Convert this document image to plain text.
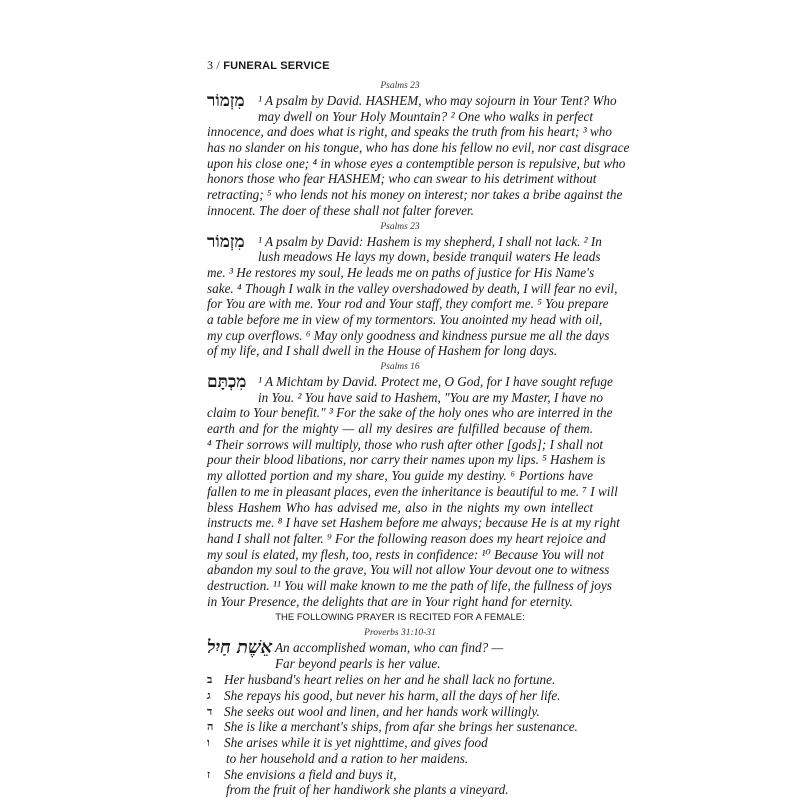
3 / FUNERAL SERVICE
Psalms 23
מִזְמוֹר ¹ A psalm by David. HASHEM, who may sojourn in Your Tent? Who
may dwell on Your Holy Mountain? ² One who walks in perfect
innocence, and does what is right, and speaks the truth from his heart; ³ who
has no slander on his tongue, who has done his fellow no evil, nor cast disgrace
upon his close one; ⁴ in whose eyes a contemptible person is repulsive, but who
honors those who fear HASHEM; who can swear to his detriment without
retracting; ⁵ who lends not his money on interest; nor takes a bribe against the
innocent. The doer of these shall not falter forever.
Psalms 23
מִזְמוֹר ¹ A psalm by David: Hashem is my shepherd, I shall not lack. ² In
lush meadows He lays my down, beside tranquil waters He leads
me. ³ He restores my soul, He leads me on paths of justice for His Name's
sake. ⁴ Though I walk in the valley overshadowed by death, I will fear no evil,
for You are with me. Your rod and Your staff, they comfort me. ⁵ You prepare
a table before me in view of my tormentors. You anointed my head with oil,
my cup overflows. ⁶ May only goodness and kindness pursue me all the days
of my life, and I shall dwell in the House of Hashem for long days.
Psalms 16
מִכְתָּם ¹ A Michtam by David. Protect me, O God, for I have sought refuge
in You. ² You have said to Hashem, "You are my Master, I have no
claim to Your benefit." ³ For the sake of the holy ones who are interred in the
earth and for the mighty — all my desires are fulfilled because of them.
⁴ Their sorrows will multiply, those who rush after other [gods]; I shall not
pour their blood libations, nor carry their names upon my lips. ⁵ Hashem is
my allotted portion and my share, You guide my destiny. ⁶ Portions have
fallen to me in pleasant places, even the inheritance is beautiful to me. ⁷ I will
bless Hashem Who has advised me, also in the nights my own intellect
instructs me. ⁸ I have set Hashem before me always; because He is at my right
hand I shall not falter. ⁹ For the following reason does my heart rejoice and
my soul is elated, my flesh, too, rests in confidence: ¹⁰ Because You will not
abandon my soul to the grave, You will not allow Your devout one to witness
destruction. ¹¹ You will make known to me the path of life, the fullness of joys
in Your Presence, the delights that are in Your right hand for eternity.
THE FOLLOWING PRAYER IS RECITED FOR A FEMALE:
Proverbs 31:10-31
אֵשֶׁת חַיִל An accomplished woman, who can find? —
Far beyond pearls is her value.
ב Her husband's heart relies on her and he shall lack no fortune.
ג She repays his good, but never his harm, all the days of her life.
ד She seeks out wool and linen, and her hands work willingly.
ה She is like a merchant's ships, from afar she brings her sustenance.
ו She arises while it is yet nighttime, and gives food
to her household and a ration to her maidens.
ז She envisions a field and buys it,
from the fruit of her handiwork she plants a vineyard.
